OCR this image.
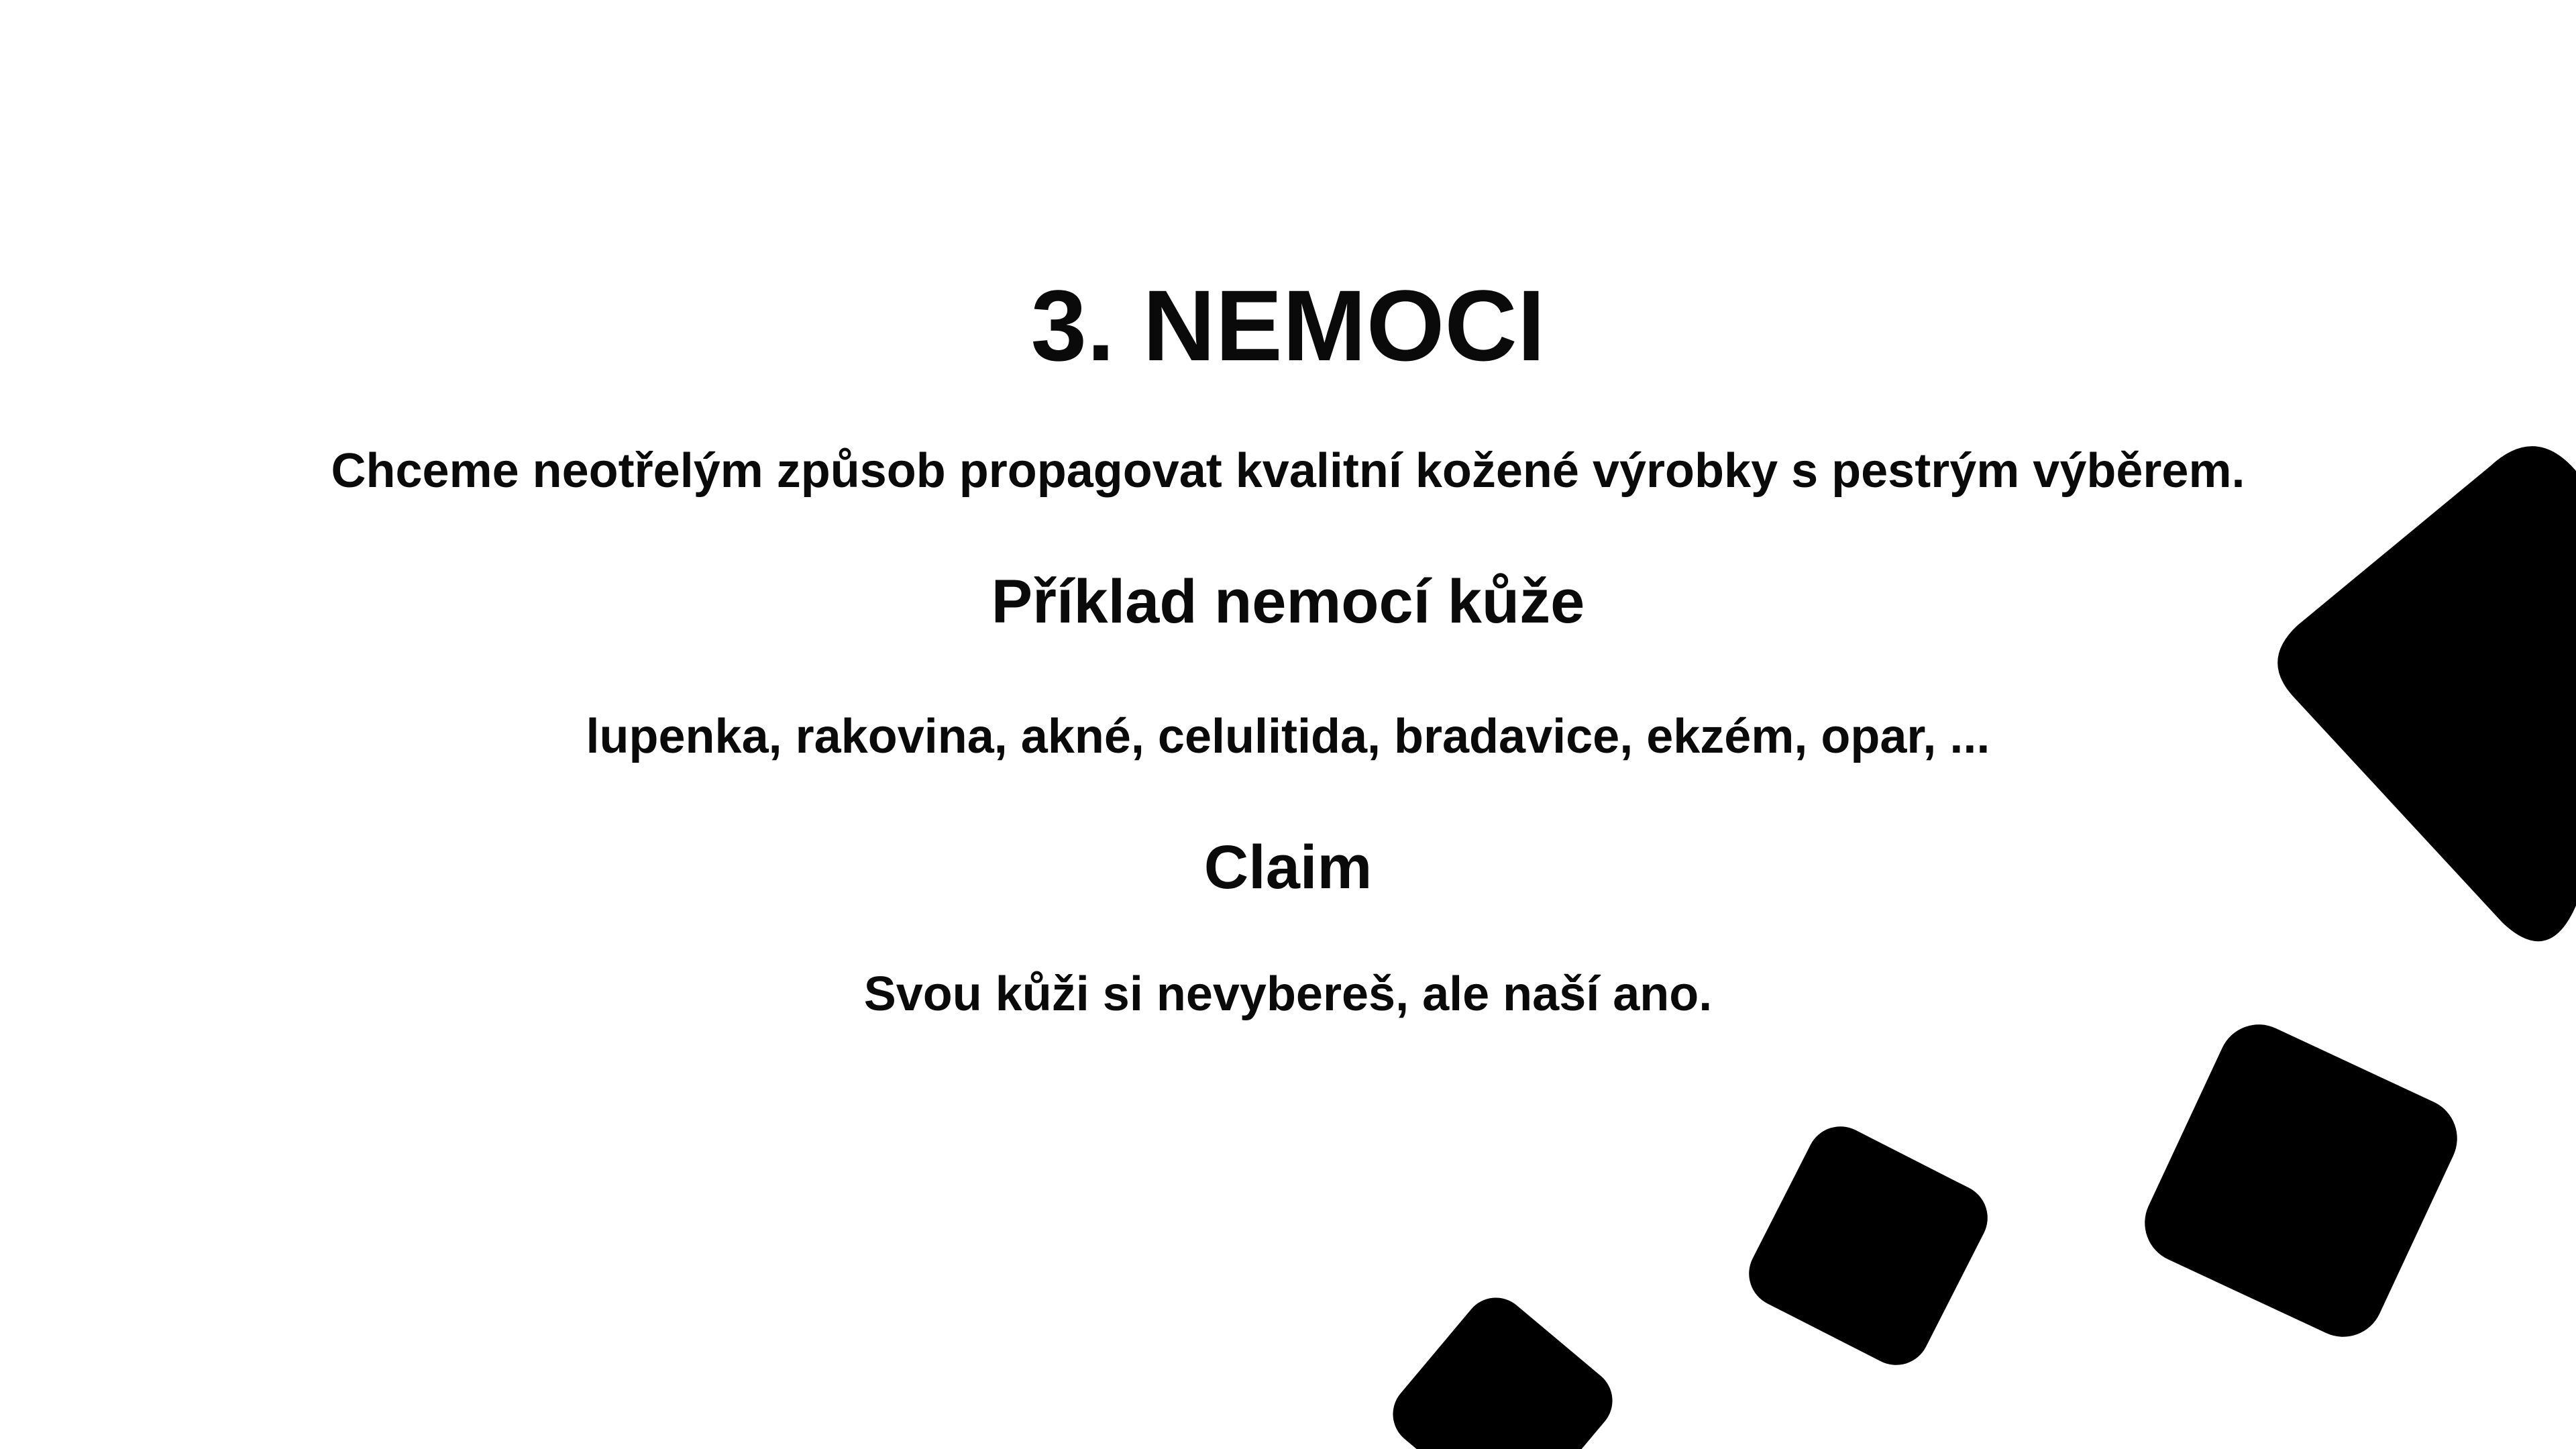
3. NEMOCI

Chceme neotřelým způsob propagovat kvalitní kožené výrobky s pestrým výběrem.

Příklad nemocí kůže

lupenka, rakovina, akné, celulitida, bradavice, ekzém, opar, ...

Claim

Svou kůži si nevybereš, ale naší ano.
